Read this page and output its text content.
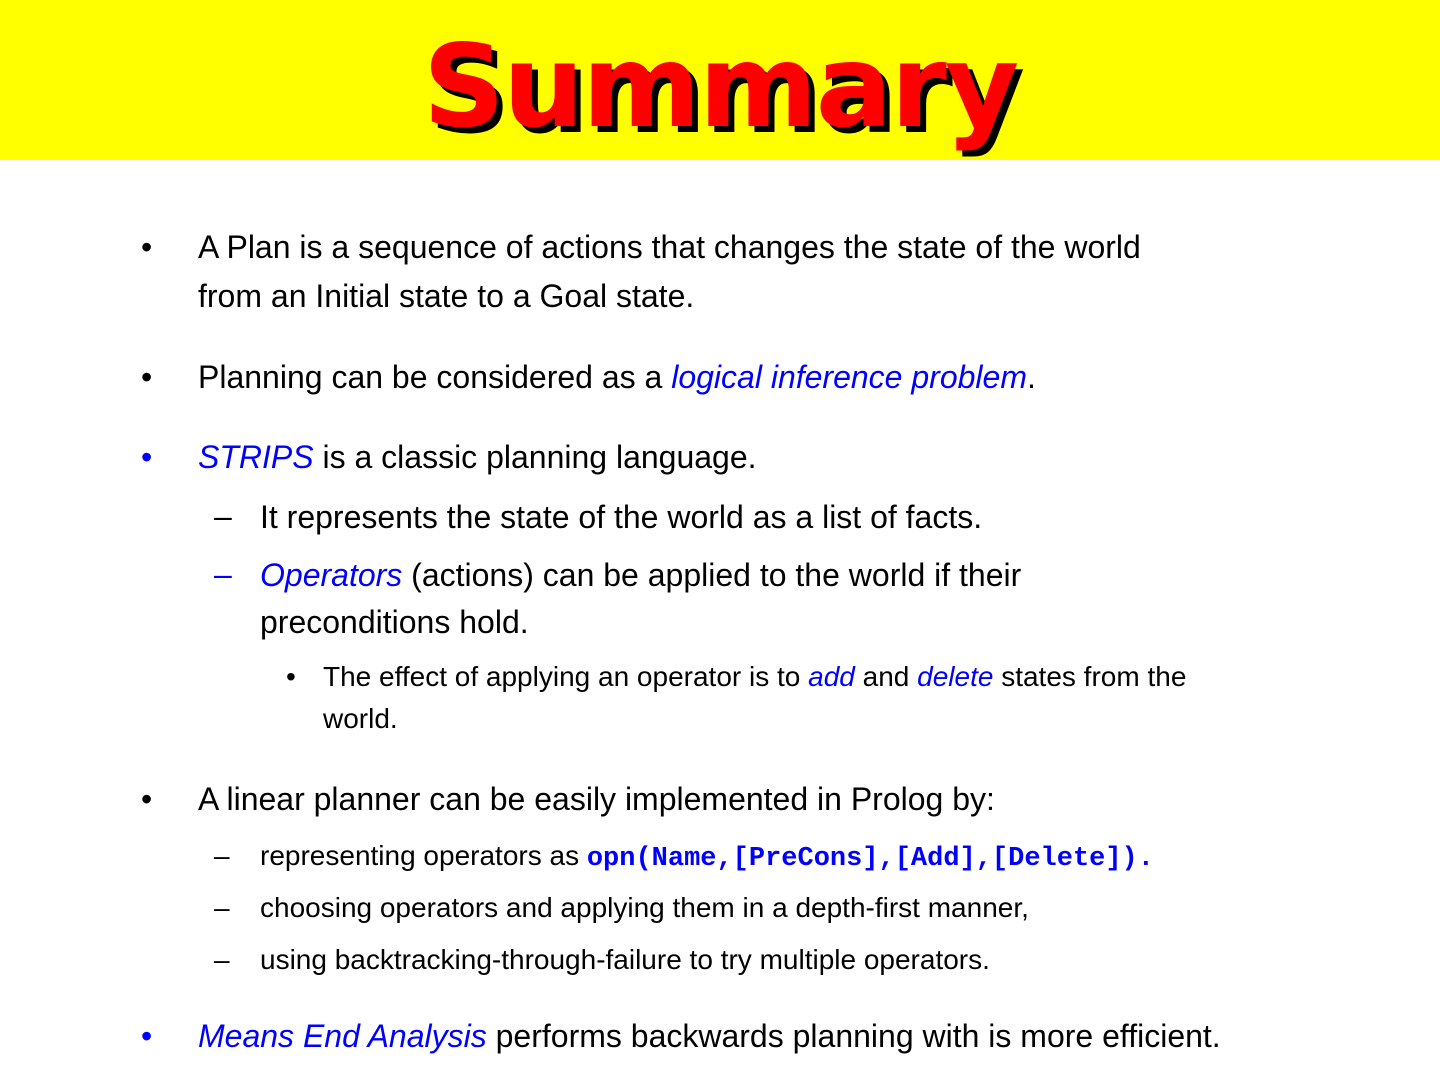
Summary
• A Plan is a sequence of actions that changes the state of the world

from an Initial state to a Goal state.

• Planning can be considered as a logical inference problem.

• STRIPS is a classic planning language.

– It represents the state of the world as a list of facts.

– Operators (actions) can be applied to the world if their

preconditions hold.

• The effect of applying an operator is to add and delete states from the

world.

• A linear planner can be easily implemented in Prolog by:

– representing operators as opn(Name,[PreCons],[Add],[Delete]).

– choosing operators and applying them in a depth-first manner,

– using backtracking-through-failure to try multiple operators.

• Means End Analysis performs backwards planning with is more efficient.
